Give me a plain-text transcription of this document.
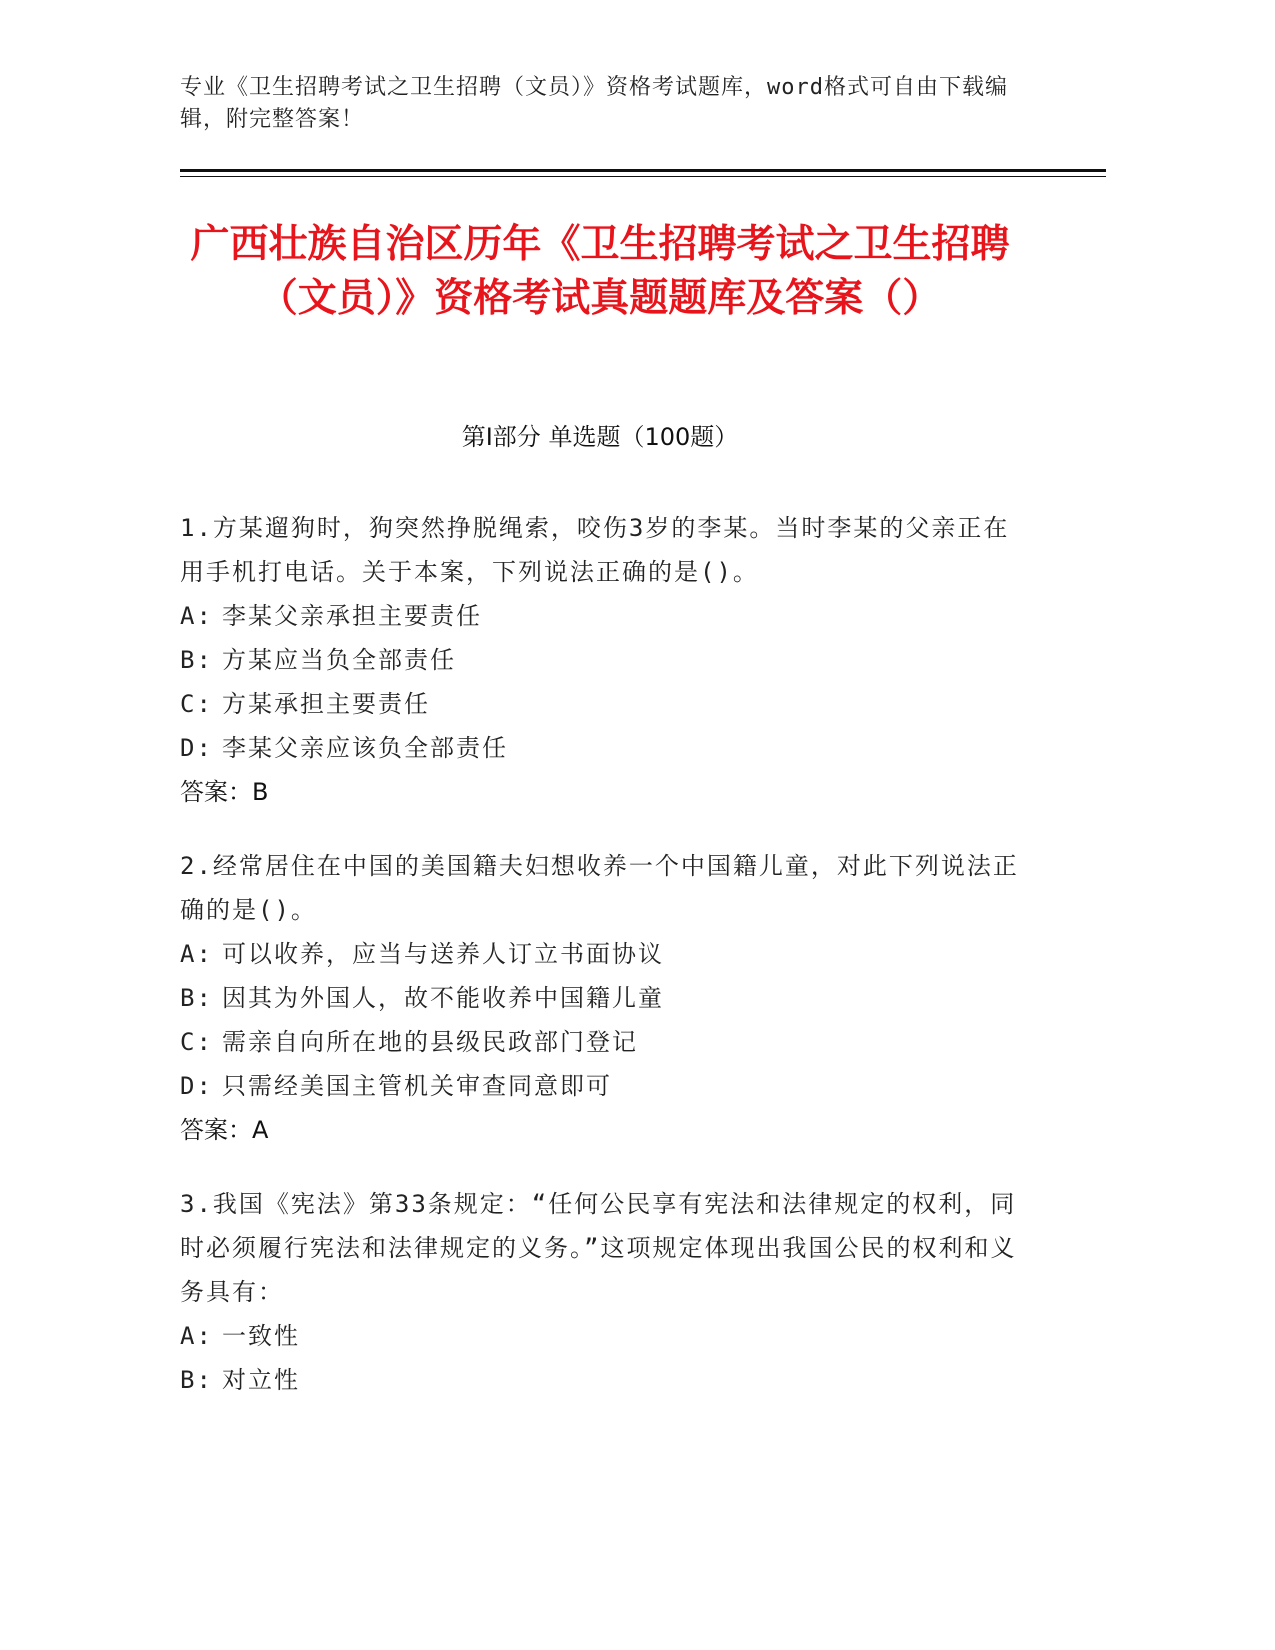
专业《卫生招聘考试之卫生招聘（文员）》资格考试题库，word格式可自由下载编辑，附完整答案！
广西壮族自治区历年《卫生招聘考试之卫生招聘（文员）》资格考试真题题库及答案（）
第Ⅰ部分 单选题（100题）

1.方某遛狗时，狗突然挣脱绳索，咬伤3岁的李某。当时李某的父亲正在用手机打电话。关于本案，下列说法正确的是()。

A: 李某父亲承担主要责任

B: 方某应当负全部责任

C: 方某承担主要责任

D: 李某父亲应该负全部责任

答案：B

2.经常居住在中国的美国籍夫妇想收养一个中国籍儿童，对此下列说法正确的是()。

A: 可以收养，应当与送养人订立书面协议

B: 因其为外国人，故不能收养中国籍儿童

C: 需亲自向所在地的县级民政部门登记

D: 只需经美国主管机关审查同意即可

答案：A

3.我国《宪法》第33条规定：“任何公民享有宪法和法律规定的权利，同时必须履行宪法和法律规定的义务。”这项规定体现出我国公民的权利和义务具有：

A: 一致性

B: 对立性
